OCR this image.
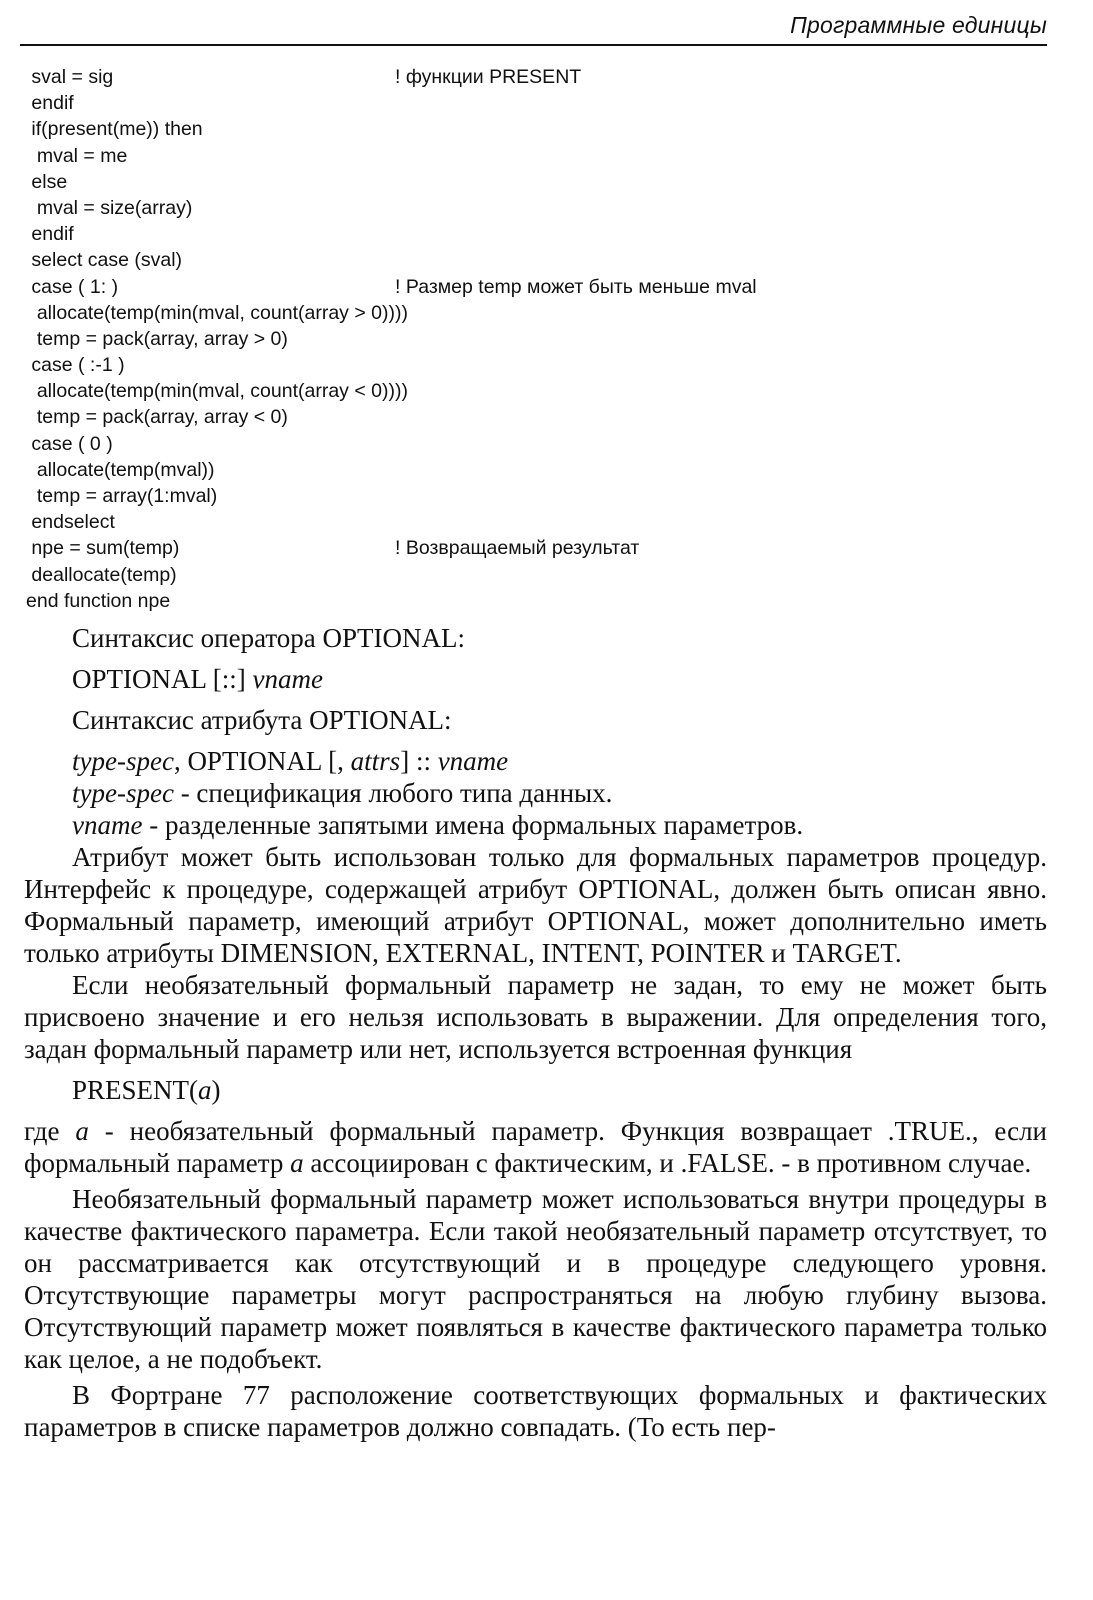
Программные единицы
sval = sig	! функции PRESENT
endif
if(present(me)) then
mval = me
else
mval = size(array)
endif
select case (sval)
case ( 1: )	! Размер temp может быть меньше mval
allocate(temp(min(mval, count(array > 0))))
temp = pack(array, array > 0)
case ( :-1 )
allocate(temp(min(mval, count(array < 0))))
temp = pack(array, array < 0)
case ( 0 )
allocate(temp(mval))
temp = array(1:mval)
endselect
npe = sum(temp)	! Возвращаемый результат
deallocate(temp)
end function npe

Синтаксис оператора OPTIONAL:

OPTIONAL [::] vname

Синтаксис атрибута OPTIONAL:

type-spec, OPTIONAL [, attrs] :: vname

type-spec - спецификация любого типа данных.

vname - разделенные запятыми имена формальных параметров.

Атрибут может быть использован только для формальных параметров процедур. Интерфейс к процедуре, содержащей атрибут OPTIONAL, должен быть описан явно. Формальный параметр, имеющий атрибут OPTIONAL, может дополнительно иметь только атрибуты DIMENSION, EXTERNAL, INTENT, POINTER и TARGET.

Если необязательный формальный параметр не задан, то ему не может быть присвоено значение и его нельзя использовать в выражении. Для определения того, задан формальный параметр или нет, используется встроенная функция

PRESENT(a)

где a - необязательный формальный параметр. Функция возвращает .TRUE., если формальный параметр a ассоциирован с фактическим, и .FALSE. - в противном случае.

Необязательный формальный параметр может использоваться внутри процедуры в качестве фактического параметра. Если такой необязательный параметр отсутствует, то он рассматривается как отсутствующий и в процедуре следующего уровня. Отсутствующие параметры могут распространяться на любую глубину вызова. Отсутствующий параметр может появляться в качестве фактического параметра только как целое, а не подобъект.

В Фортране 77 расположение соответствующих формальных и фактических параметров в списке параметров должно совпадать. (То есть пер-
